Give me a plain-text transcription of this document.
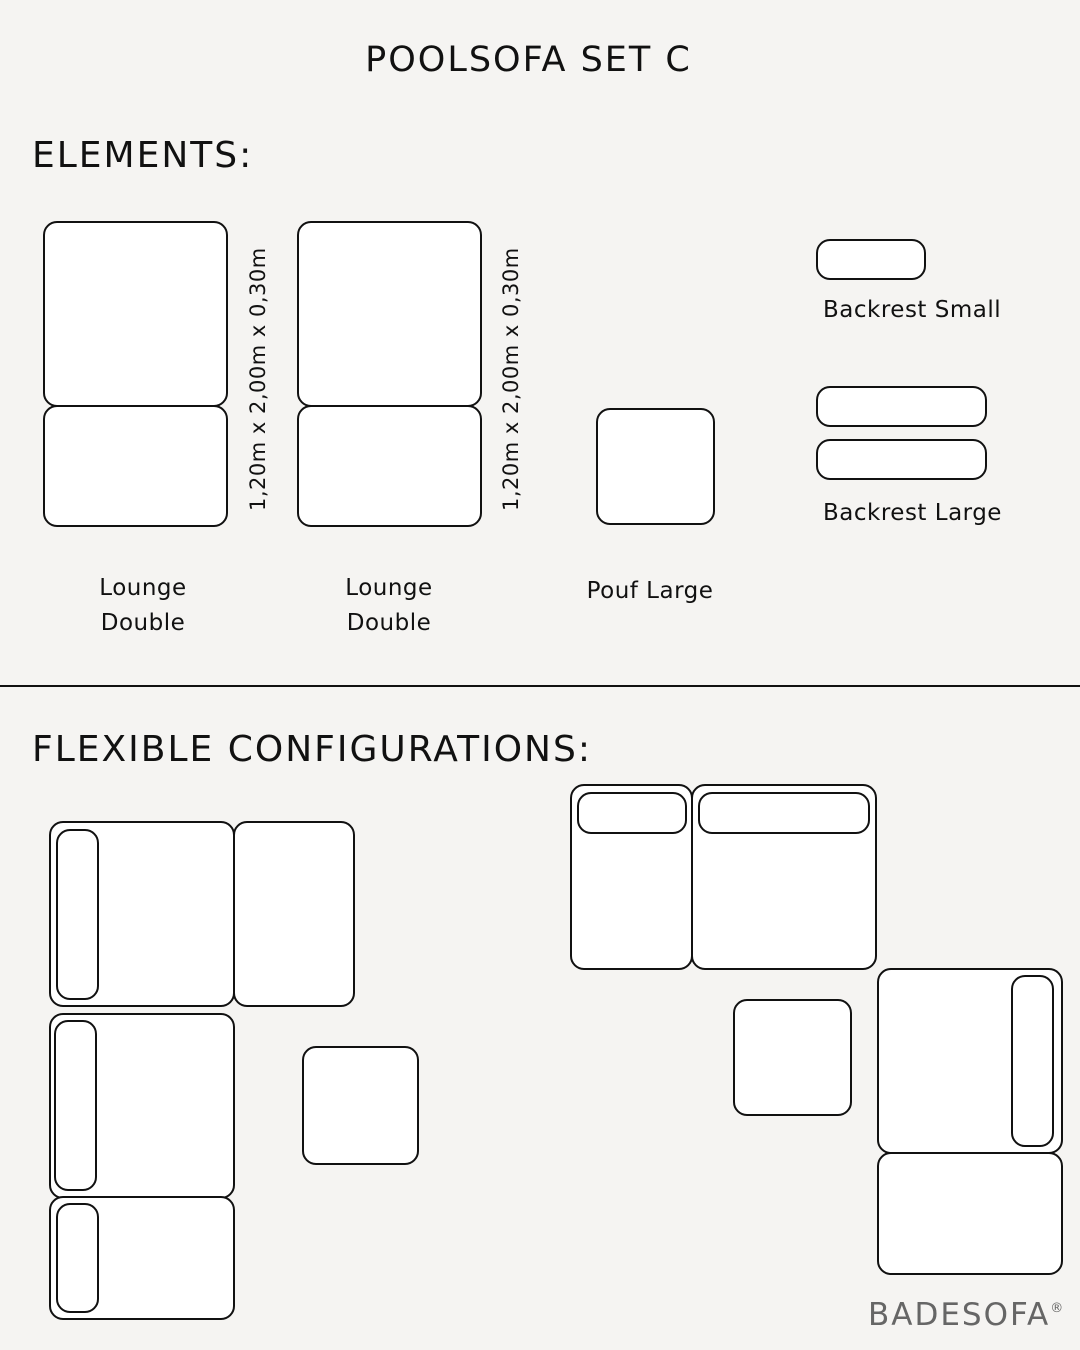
POOLSOFA SET C
ELEMENTS:
1,20m x 2,00m x 0,30m
Lounge
Double
1,20m x 2,00m x 0,30m
Lounge
Double
Pouf Large
Backrest Small
Backrest Large
FLEXIBLE CONFIGURATIONS:
BADESOFA®
